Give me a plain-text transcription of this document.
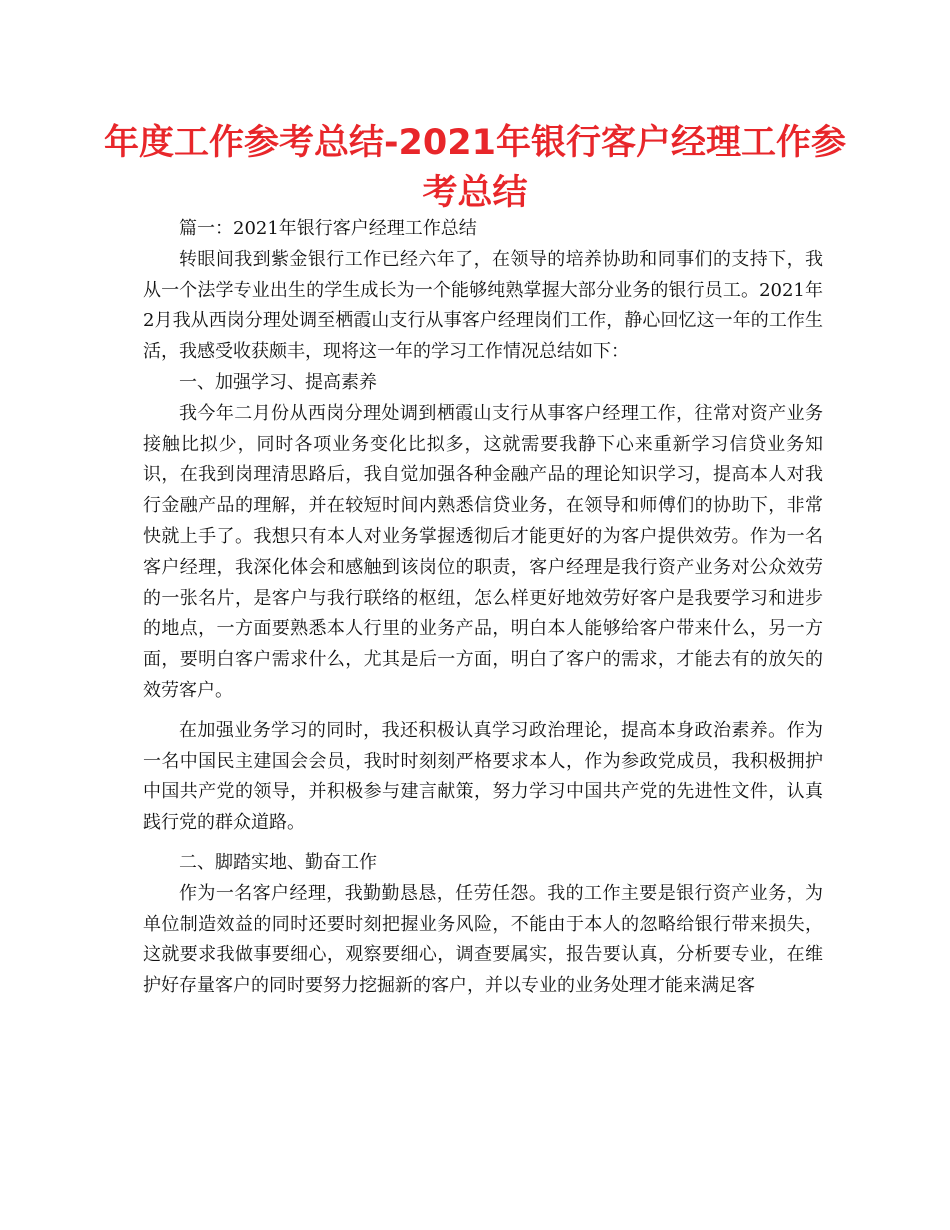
年度工作参考总结-2021年银行客户经理工作参考总结

篇一：2021年银行客户经理工作总结

转眼间我到紫金银行工作已经六年了，在领导的培养协助和同事们的支持下，我从一个法学专业出生的学生成长为一个能够纯熟掌握大部分业务的银行员工。2021年2月我从西岗分理处调至栖霞山支行从事客户经理岗们工作，静心回忆这一年的工作生活，我感受收获颇丰，现将这一年的学习工作情况总结如下：

一、加强学习、提高素养

我今年二月份从西岗分理处调到栖霞山支行从事客户经理工作，往常对资产业务接触比拟少，同时各项业务变化比拟多，这就需要我静下心来重新学习信贷业务知识，在我到岗理清思路后，我自觉加强各种金融产品的理论知识学习，提高本人对我行金融产品的理解，并在较短时间内熟悉信贷业务，在领导和师傅们的协助下，非常快就上手了。我想只有本人对业务掌握透彻后才能更好的为客户提供效劳。作为一名客户经理，我深化体会和感触到该岗位的职责，客户经理是我行资产业务对公众效劳的一张名片，是客户与我行联络的枢纽，怎么样更好地效劳好客户是我要学习和进步的地点，一方面要熟悉本人行里的业务产品，明白本人能够给客户带来什么，另一方面，要明白客户需求什么，尤其是后一方面，明白了客户的需求，才能去有的放矢的效劳客户。

在加强业务学习的同时，我还积极认真学习政治理论，提高本身政治素养。作为一名中国民主建国会会员，我时时刻刻严格要求本人，作为参政党成员，我积极拥护中国共产党的领导，并积极参与建言献策，努力学习中国共产党的先进性文件，认真践行党的群众道路。

二、脚踏实地、勤奋工作

作为一名客户经理，我勤勤恳恳，任劳任怨。我的工作主要是银行资产业务，为单位制造效益的同时还要时刻把握业务风险，不能由于本人的忽略给银行带来损失，这就要求我做事要细心，观察要细心，调查要属实，报告要认真，分析要专业，在维护好存量客户的同时要努力挖掘新的客户，并以专业的业务处理才能来满足客
